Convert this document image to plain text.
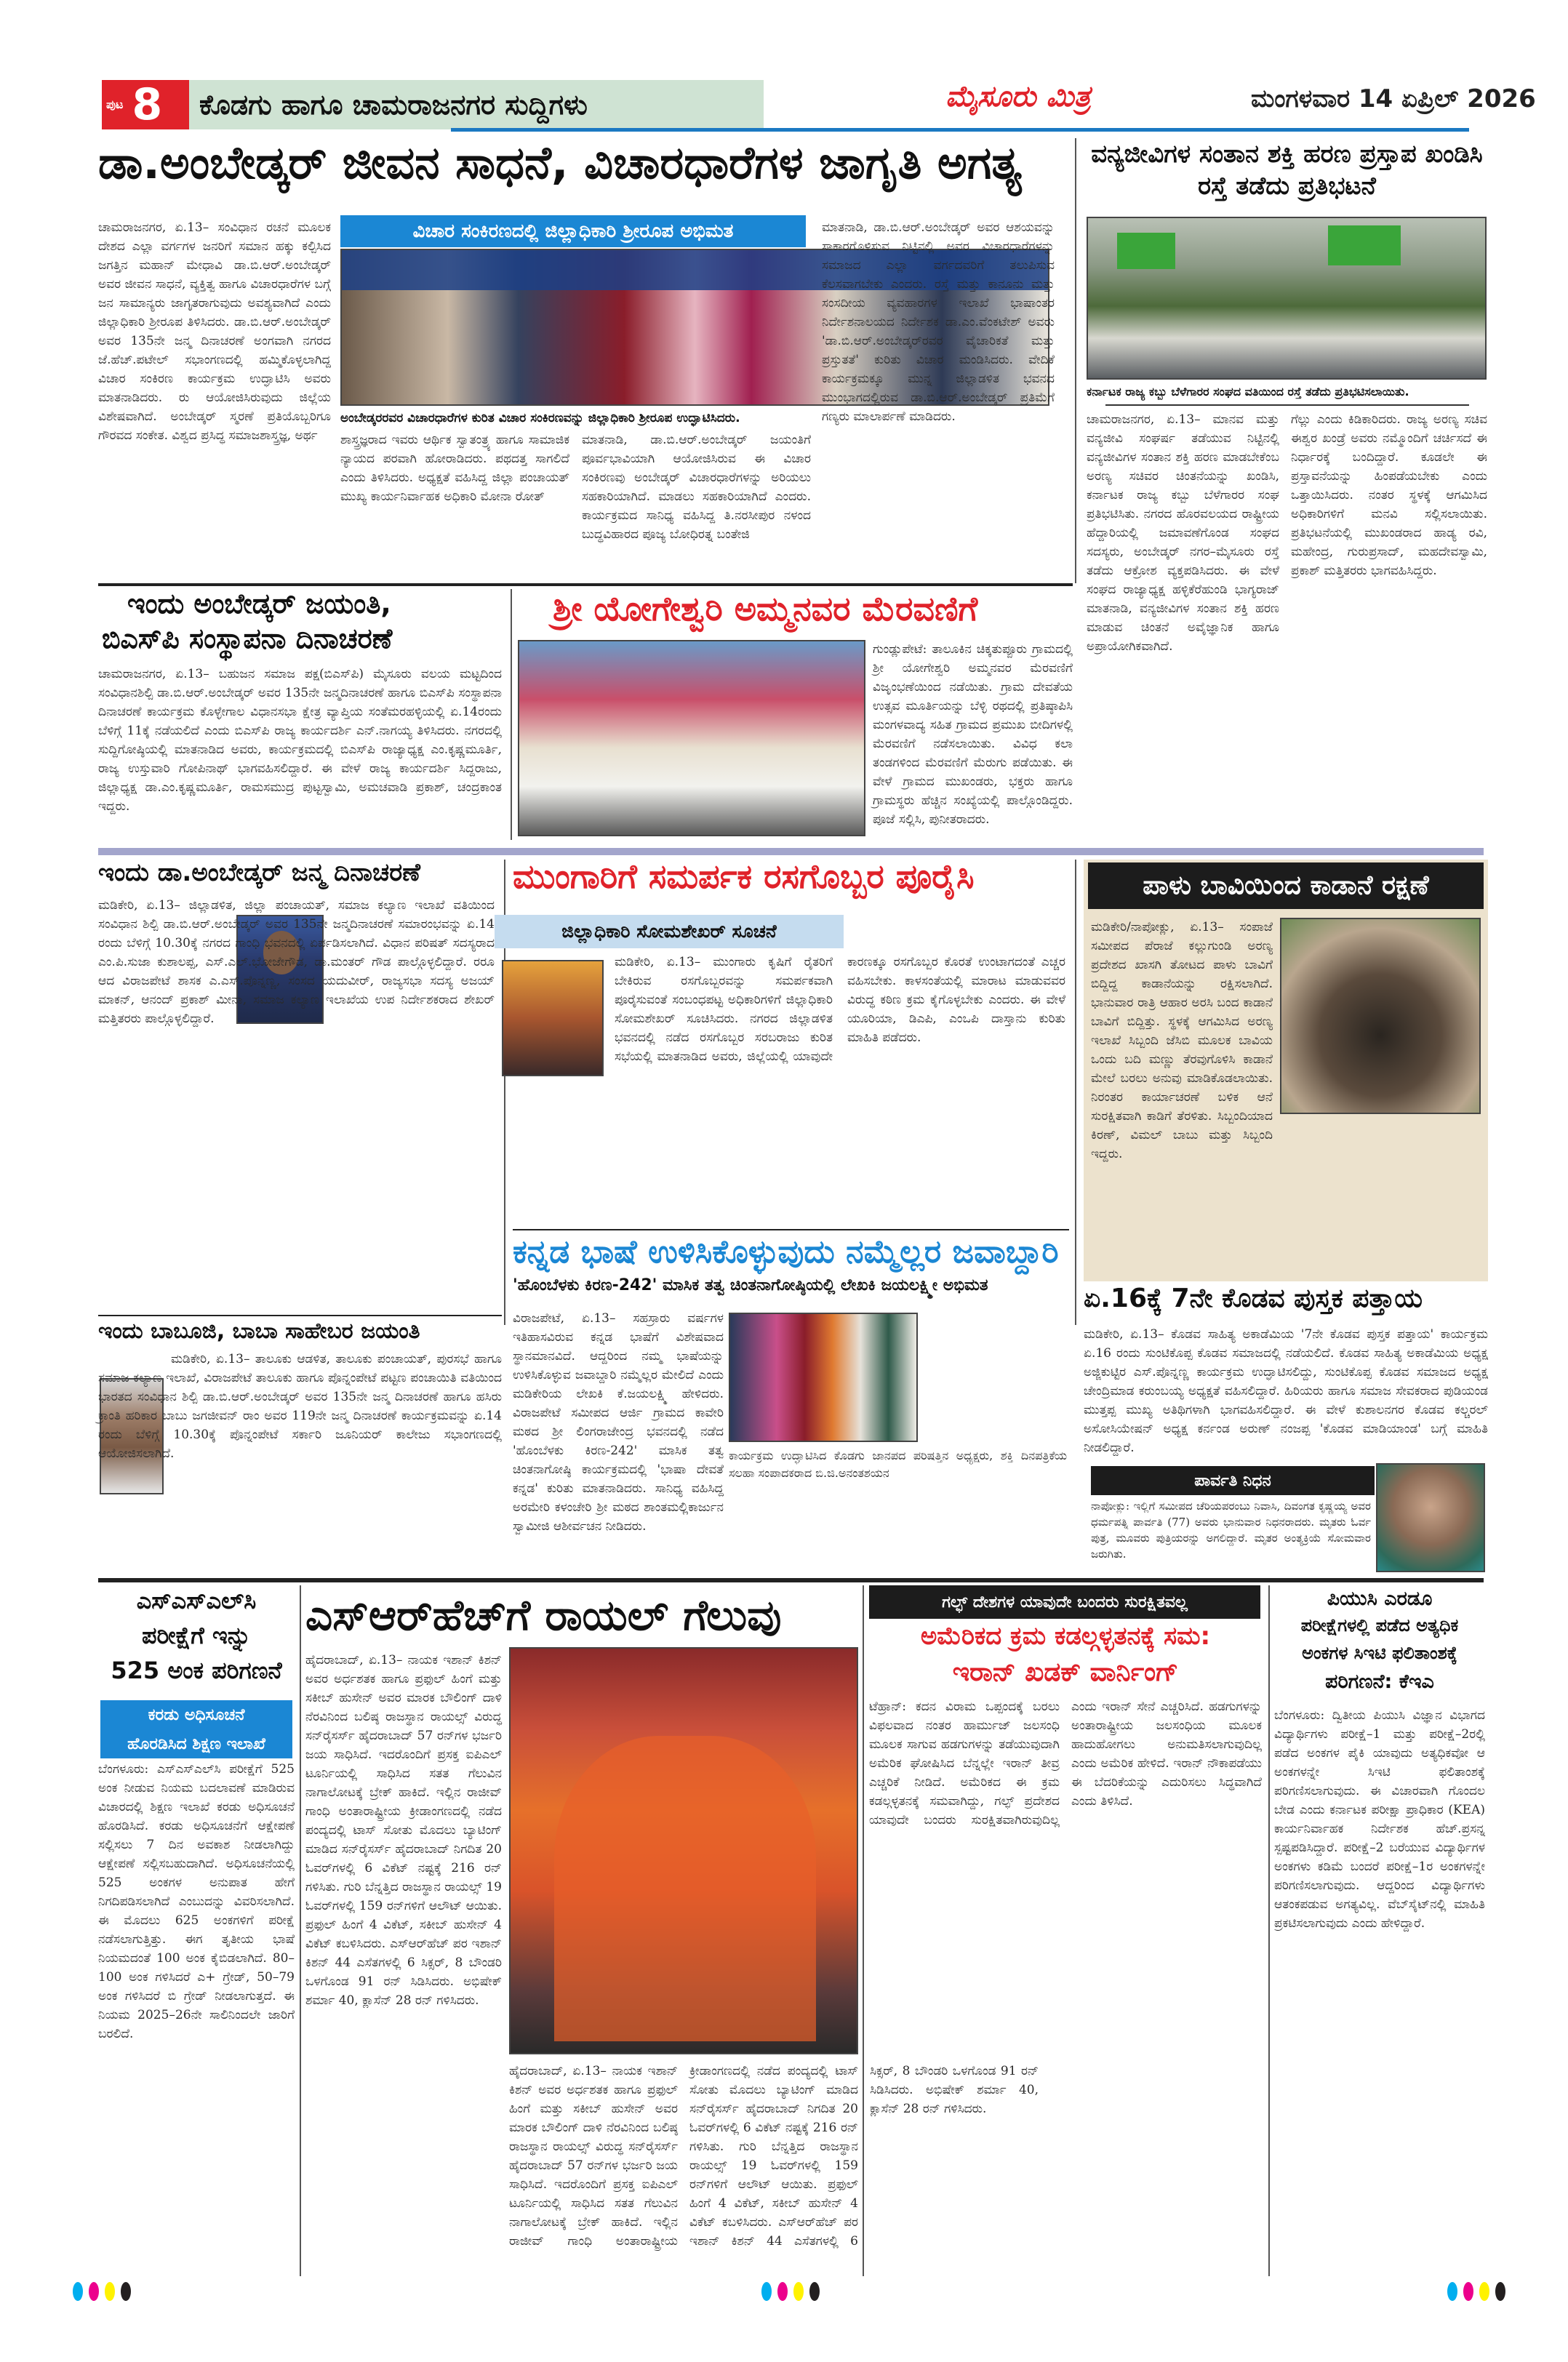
ಪುಟ 8 ಕೊಡಗು ಹಾಗೂ ಚಾಮರಾಜನಗರ ಸುದ್ದಿಗಳು	ಮೈಸೂರು ಮಿತ್ರ	ಮಂಗಳವಾರ 14 ಏಪ್ರಿಲ್ 2026
ಡಾ.ಅಂಬೇಡ್ಕರ್ ಜೀವನ ಸಾಧನೆ, ವಿಚಾರಧಾರೆಗಳ ಜಾಗೃತಿ ಅಗತ್ಯ
ಚಾಮರಾಜನಗರ, ಏ.13– ಸಂವಿಧಾನ ರಚನೆ ಮೂಲಕ ದೇಶದ ಎಲ್ಲಾ ವರ್ಗಗಳ ಜನರಿಗೆ ಸಮಾನ ಹಕ್ಕು ಕಲ್ಪಿಸಿದ ಜಗತ್ತಿನ ಮಹಾನ್ ಮೇಧಾವಿ ಡಾ.ಬಿ.ಆರ್.ಅಂಬೇಡ್ಕರ್ ಅವರ ಜೀವನ ಸಾಧನೆ, ವ್ಯಕ್ತಿತ್ವ ಹಾಗೂ ವಿಚಾರಧಾರೆಗಳ ಬಗ್ಗೆ ಜನ ಸಾಮಾನ್ಯರು ಜಾಗೃತರಾಗುವುದು ಅವಶ್ಯವಾಗಿದೆ ಎಂದು ಜಿಲ್ಲಾಧಿಕಾರಿ ಶ್ರೀರೂಪ ತಿಳಿಸಿದರು. ಡಾ.ಬಿ.ಆರ್.ಅಂಬೇಡ್ಕರ್ ಅವರ 135ನೇ ಜನ್ಮ ದಿನಾಚರಣೆ ಅಂಗವಾಗಿ ನಗರದ ಜೆ.ಹೆಚ್.ಪಟೇಲ್ ಸಭಾಂಗಣದಲ್ಲಿ ಹಮ್ಮಿಕೊಳ್ಳಲಾಗಿದ್ದ ವಿಚಾರ ಸಂಕಿರಣ ಕಾರ್ಯಕ್ರಮ ಉದ್ಘಾಟಿಸಿ ಅವರು ಮಾತನಾಡಿದರು. ರು ಆಯೋಜಿಸಿರುವುದು ಜಿಲ್ಲೆಯ ವಿಶೇಷವಾಗಿದೆ. ಅಂಬೇಡ್ಕರ್ ಸ್ಮರಣೆ ಪ್ರತಿಯೊಬ್ಬರಿಗೂ ಗೌರವದ ಸಂಕೇತ. ವಿಶ್ವದ ಪ್ರಸಿದ್ಧ ಸಮಾಜಶಾಸ್ತ್ರಜ್ಞ, ಅರ್ಥ
ವಿಚಾರ ಸಂಕಿರಣದಲ್ಲಿ ಜಿಲ್ಲಾಧಿಕಾರಿ ಶ್ರೀರೂಪ ಅಭಿಮತ
ಅಂಬೇಡ್ಕರರವರ ವಿಚಾರಧಾರೆಗಳ ಕುರಿತ ವಿಚಾರ ಸಂಕಿರಣವನ್ನು ಜಿಲ್ಲಾಧಿಕಾರಿ ಶ್ರೀರೂಪ ಉದ್ಘಾಟಿಸಿದರು.
ಶಾಸ್ತ್ರಜ್ಞರಾದ ಇವರು ಆರ್ಥಿಕ ಸ್ವಾತಂತ್ರ್ಯ ಹಾಗೂ ಸಾಮಾಜಿಕ ನ್ಯಾಯದ ಪರವಾಗಿ ಹೋರಾಡಿದರು. ಪಥದತ್ತ ಸಾಗಲಿದೆ ಎಂದು ತಿಳಿಸಿದರು. ಅಧ್ಯಕ್ಷತೆ ವಹಿಸಿದ್ದ ಜಿಲ್ಲಾ ಪಂಚಾಯತ್ ಮುಖ್ಯ ಕಾರ್ಯನಿರ್ವಾಹಕ ಅಧಿಕಾರಿ ಮೋನಾ ರೋತ್
ಮಾತನಾಡಿ, ಡಾ.ಬಿ.ಆರ್.ಅಂಬೇಡ್ಕರ್ ಜಯಂತಿಗೆ ಪೂರ್ವಭಾವಿಯಾಗಿ ಆಯೋಜಿಸಿರುವ ಈ ವಿಚಾರ ಸಂಕಿರಣವು ಅಂಬೇಡ್ಕರ್ ವಿಚಾರಧಾರೆಗಳನ್ನು ಅರಿಯಲು ಸಹಕಾರಿಯಾಗಿದೆ. ಮಾಡಲು ಸಹಕಾರಿಯಾಗಿದೆ ಎಂದರು. ಕಾರ್ಯಕ್ರಮದ ಸಾನಿಧ್ಯ ವಹಿಸಿದ್ದ ತಿ.ನರಸೀಪುರ ನಳಂದ ಬುದ್ಧವಿಹಾರದ ಪೂಜ್ಯ ಬೋಧಿರತ್ನ ಬಂತೇಜಿ
ಮಾತನಾಡಿ, ಡಾ.ಬಿ.ಆರ್.ಅಂಬೇಡ್ಕರ್ ಅವರ ಆಶಯವನ್ನು ಸಾಕಾರಗೊಳಿಸುವ ನಿಟ್ಟಿನಲ್ಲಿ ಅವರ ವಿಚಾರಧಾರೆಗಳನ್ನು ಸಮಾಜದ ಎಲ್ಲಾ ವರ್ಗದವರಿಗೆ ತಲುಪಿಸುವ ಕೆಲಸವಾಗಬೇಕು ಎಂದರು. ರಸ್ತೆ ಮತ್ತು ಕಾನೂನು ಮತ್ತು ಸಂಸದೀಯ ವ್ಯವಹಾರಗಳ ಇಲಾಖೆ ಭಾಷಾಂತರ ನಿರ್ದೇಶನಾಲಯದ ನಿರ್ದೇಶಕ ಡಾ.ಎಂ.ವೆಂಕಟೇಶ್ ಅವರು 'ಡಾ.ಬಿ.ಆರ್.ಅಂಬೇಡ್ಕರ್‌ರವರ ವೈಚಾರಿಕತೆ ಮತ್ತು ಪ್ರಸ್ತುತತೆ' ಕುರಿತು ವಿಚಾರ ಮಂಡಿಸಿದರು. ವೇದಿಕೆ ಕಾರ್ಯಕ್ರಮಕ್ಕೂ ಮುನ್ನ ಜಿಲ್ಲಾಡಳಿತ ಭವನದ ಮುಂಭಾಗದಲ್ಲಿರುವ ಡಾ.ಬಿ.ಆರ್.ಅಂಬೇಡ್ಕರ್ ಪ್ರತಿಮೆಗೆ ಗಣ್ಯರು ಮಾಲಾರ್ಪಣೆ ಮಾಡಿದರು.
ವನ್ಯಜೀವಿಗಳ ಸಂತಾನ ಶಕ್ತಿ ಹರಣ ಪ್ರಸ್ತಾಪ ಖಂಡಿಸಿ ರಸ್ತೆ ತಡೆದು ಪ್ರತಿಭಟನೆ
ಕರ್ನಾಟಕ ರಾಜ್ಯ ಕಬ್ಬು ಬೆಳೆಗಾರರ ಸಂಘದ ವತಿಯಿಂದ ರಸ್ತೆ ತಡೆದು ಪ್ರತಿಭಟಿಸಲಾಯಿತು.
ಚಾಮರಾಜನಗರ, ಏ.13– ಮಾನವ ಮತ್ತು ವನ್ಯಜೀವಿ ಸಂಘರ್ಷ ತಡೆಯುವ ನಿಟ್ಟಿನಲ್ಲಿ ವನ್ಯಜೀವಿಗಳ ಸಂತಾನ ಶಕ್ತಿ ಹರಣ ಮಾಡಬೇಕೆಂಬ ಅರಣ್ಯ ಸಚಿವರ ಚಿಂತನೆಯನ್ನು ಖಂಡಿಸಿ, ಕರ್ನಾಟಕ ರಾಜ್ಯ ಕಬ್ಬು ಬೆಳೆಗಾರರ ಸಂಘ ಪ್ರತಿಭಟಿಸಿತು. ನಗರದ ಹೊರವಲಯದ ರಾಷ್ಟ್ರೀಯ ಹೆದ್ದಾರಿಯಲ್ಲಿ ಜಮಾವಣೆಗೊಂಡ ಸಂಘದ ಸದಸ್ಯರು, ಅಂಬೇಡ್ಕರ್ ನಗರ–ಮೈಸೂರು ರಸ್ತೆ ತಡೆದು ಆಕ್ರೋಶ ವ್ಯಕ್ತಪಡಿಸಿದರು. ಈ ವೇಳೆ ಸಂಘದ ರಾಜ್ಯಾಧ್ಯಕ್ಷ ಹಳ್ಳಿಕೆರೆಹುಂಡಿ ಭಾಗ್ಯರಾಜ್ ಮಾತನಾಡಿ, ವನ್ಯಜೀವಿಗಳ ಸಂತಾನ ಶಕ್ತಿ ಹರಣ ಮಾಡುವ ಚಿಂತನೆ ಅವೈಜ್ಞಾನಿಕ ಹಾಗೂ ಅಪ್ರಾಯೋಗಿಕವಾಗಿದೆ.
ಗೆಲ್ಲು ಎಂದು ಕಿಡಿಕಾರಿದರು. ರಾಜ್ಯ ಅರಣ್ಯ ಸಚಿವ ಈಶ್ವರ ಖಂಡ್ರೆ ಅವರು ನಮ್ಮೊಂದಿಗೆ ಚರ್ಚಿಸದೆ ಈ ನಿರ್ಧಾರಕ್ಕೆ ಬಂದಿದ್ದಾರೆ. ಕೂಡಲೇ ಈ ಪ್ರಸ್ತಾವನೆಯನ್ನು ಹಿಂಪಡೆಯಬೇಕು ಎಂದು ಒತ್ತಾಯಿಸಿದರು. ನಂತರ ಸ್ಥಳಕ್ಕೆ ಆಗಮಿಸಿದ ಅಧಿಕಾರಿಗಳಿಗೆ ಮನವಿ ಸಲ್ಲಿಸಲಾಯಿತು. ಪ್ರತಿಭಟನೆಯಲ್ಲಿ ಮುಖಂಡರಾದ ಹಾಡ್ಯ ರವಿ, ಮಹೇಂದ್ರ, ಗುರುಪ್ರಸಾದ್, ಮಹದೇವಸ್ವಾಮಿ, ಪ್ರಕಾಶ್ ಮತ್ತಿತರರು ಭಾಗವಹಿಸಿದ್ದರು.
ಇಂದು ಅಂಬೇಡ್ಕರ್ ಜಯಂತಿ,
ಬಿಎಸ್‌ಪಿ ಸಂಸ್ಥಾಪನಾ ದಿನಾಚರಣೆ
ಚಾಮರಾಜನಗರ, ಏ.13– ಬಹುಜನ ಸಮಾಜ ಪಕ್ಷ(ಬಿಎಸ್‌ಪಿ) ಮೈಸೂರು ವಲಯ ಮಟ್ಟದಿಂದ ಸಂವಿಧಾನಶಿಲ್ಪಿ ಡಾ.ಬಿ.ಆರ್.ಅಂಬೇಡ್ಕರ್ ಅವರ 135ನೇ ಜನ್ಮದಿನಾಚರಣೆ ಹಾಗೂ ಬಿಎಸ್‌ಪಿ ಸಂಸ್ಥಾಪನಾ ದಿನಾಚರಣೆ ಕಾರ್ಯಕ್ರಮ ಕೊಳ್ಳೇಗಾಲ ವಿಧಾನಸಭಾ ಕ್ಷೇತ್ರ ವ್ಯಾಪ್ತಿಯ ಸಂತೆಮರಹಳ್ಳಿಯಲ್ಲಿ ಏ.14ರಂದು ಬೆಳಿಗ್ಗೆ 11ಕ್ಕೆ ನಡೆಯಲಿದೆ ಎಂದು ಬಿಎಸ್‌ಪಿ ರಾಜ್ಯ ಕಾರ್ಯದರ್ಶಿ ಎನ್.ನಾಗಯ್ಯ ತಿಳಿಸಿದರು. ನಗರದಲ್ಲಿ ಸುದ್ದಿಗೋಷ್ಠಿಯಲ್ಲಿ ಮಾತನಾಡಿದ ಅವರು, ಕಾರ್ಯಕ್ರಮದಲ್ಲಿ ಬಿಎಸ್‌ಪಿ ರಾಜ್ಯಾಧ್ಯಕ್ಷ ಎಂ.ಕೃಷ್ಣಮೂರ್ತಿ, ರಾಜ್ಯ ಉಸ್ತುವಾರಿ ಗೋಪಿನಾಥ್ ಭಾಗವಹಿಸಲಿದ್ದಾರೆ. ಈ ವೇಳೆ ರಾಜ್ಯ ಕಾರ್ಯದರ್ಶಿ ಸಿದ್ದರಾಜು, ಜಿಲ್ಲಾಧ್ಯಕ್ಷ ಡಾ.ಎಂ.ಕೃಷ್ಣಮೂರ್ತಿ, ರಾಮಸಮುದ್ರ ಪುಟ್ಟಸ್ವಾಮಿ, ಅಮಚವಾಡಿ ಪ್ರಕಾಶ್, ಚಂದ್ರಕಾಂತ ಇದ್ದರು.
ಶ್ರೀ ಯೋಗೇಶ್ವರಿ ಅಮ್ಮನವರ ಮೆರವಣಿಗೆ
ಗುಂಡ್ಲುಪೇಟೆ: ತಾಲೂಕಿನ ಚಿಕ್ಕತುಪ್ಪೂರು ಗ್ರಾಮದಲ್ಲಿ ಶ್ರೀ ಯೋಗೇಶ್ವರಿ ಅಮ್ಮನವರ ಮೆರವಣಿಗೆ ವಿಜೃಂಭಣೆಯಿಂದ ನಡೆಯಿತು. ಗ್ರಾಮ ದೇವತೆಯ ಉತ್ಸವ ಮೂರ್ತಿಯನ್ನು ಬೆಳ್ಳಿ ರಥದಲ್ಲಿ ಪ್ರತಿಷ್ಠಾಪಿಸಿ ಮಂಗಳವಾದ್ಯ ಸಹಿತ ಗ್ರಾಮದ ಪ್ರಮುಖ ಬೀದಿಗಳಲ್ಲಿ ಮೆರವಣಿಗೆ ನಡೆಸಲಾಯಿತು. ವಿವಿಧ ಕಲಾ ತಂಡಗಳಿಂದ ಮೆರವಣಿಗೆ ಮೆರುಗು ಪಡೆಯಿತು. ಈ ವೇಳೆ ಗ್ರಾಮದ ಮುಖಂಡರು, ಭಕ್ತರು ಹಾಗೂ ಗ್ರಾಮಸ್ಥರು ಹೆಚ್ಚಿನ ಸಂಖ್ಯೆಯಲ್ಲಿ ಪಾಲ್ಗೊಂಡಿದ್ದರು. ಪೂಜೆ ಸಲ್ಲಿಸಿ, ಪುನೀತರಾದರು.
ಇಂದು ಡಾ.ಅಂಬೇಡ್ಕರ್ ಜನ್ಮ ದಿನಾಚರಣೆ
ಮಡಿಕೇರಿ, ಏ.13– ಜಿಲ್ಲಾಡಳಿತ, ಜಿಲ್ಲಾ ಪಂಚಾಯತ್, ಸಮಾಜ ಕಲ್ಯಾಣ ಇಲಾಖೆ ವತಿಯಿಂದ ಸಂವಿಧಾನ ಶಿಲ್ಪಿ ಡಾ.ಬಿ.ಆರ್.ಅಂಬೇಡ್ಕರ್ ಅವರ 135ನೇ ಜನ್ಮದಿನಾಚರಣೆ ಸಮಾರಂಭವನ್ನು ಏ.14 ರಂದು ಬೆಳಿಗ್ಗೆ 10.30ಕ್ಕೆ ನಗರದ ಗಾಂಧಿ ಭವನದಲ್ಲಿ ಏರ್ಪಡಿಸಲಾಗಿದೆ. ವಿಧಾನ ಪರಿಷತ್ ಸದಸ್ಯರಾದ ಎಂ.ಪಿ.ಸುಜಾ ಕುಶಾಲಪ್ಪ, ಎಸ್.ಎಲ್.ಭೋಜೇಗೌಡ, ಡಾ.ಮಂತರ್ ಗೌಡ ಪಾಲ್ಗೊಳ್ಳಲಿದ್ದಾರೆ. ರರೂ ಆದ ವಿರಾಜಪೇಟೆ ಶಾಸಕ ಎ.ಎಸ್.ಪೊನ್ನಣ್ಣ, ಸಂಸದ ಯದುವೀರ್, ರಾಜ್ಯಸಭಾ ಸದಸ್ಯ ಅಜಯ್ ಮಾಕನ್, ಆನಂದ್ ಪ್ರಕಾಶ್ ಮೀನಾ, ಸಮಾಜ ಕಲ್ಯಾಣ ಇಲಾಖೆಯ ಉಪ ನಿರ್ದೇಶಕರಾದ ಶೇಖರ್ ಮತ್ತಿತರರು ಪಾಲ್ಗೊಳ್ಳಲಿದ್ದಾರೆ.
ಮುಂಗಾರಿಗೆ ಸಮರ್ಪಕ ರಸಗೊಬ್ಬರ ಪೂರೈಸಿ
ಜಿಲ್ಲಾಧಿಕಾರಿ ಸೋಮಶೇಖರ್ ಸೂಚನೆ
ಮಡಿಕೇರಿ, ಏ.13– ಮುಂಗಾರು ಕೃಷಿಗೆ ರೈತರಿಗೆ ಬೇಕಿರುವ ರಸಗೊಬ್ಬರವನ್ನು ಸಮರ್ಪಕವಾಗಿ ಪೂರೈಸುವಂತೆ ಸಂಬಂಧಪಟ್ಟ ಅಧಿಕಾರಿಗಳಿಗೆ ಜಿಲ್ಲಾಧಿಕಾರಿ ಸೋಮಶೇಖರ್ ಸೂಚಿಸಿದರು. ನಗರದ ಜಿಲ್ಲಾಡಳಿತ ಭವನದಲ್ಲಿ ನಡೆದ ರಸಗೊಬ್ಬರ ಸರಬರಾಜು ಕುರಿತ ಸಭೆಯಲ್ಲಿ ಮಾತನಾಡಿದ ಅವರು, ಜಿಲ್ಲೆಯಲ್ಲಿ ಯಾವುದೇ ಕಾರಣಕ್ಕೂ ರಸಗೊಬ್ಬರ ಕೊರತೆ ಉಂಟಾಗದಂತೆ ಎಚ್ಚರ ವಹಿಸಬೇಕು. ಕಾಳಸಂತೆಯಲ್ಲಿ ಮಾರಾಟ ಮಾಡುವವರ ವಿರುದ್ಧ ಕಠಿಣ ಕ್ರಮ ಕೈಗೊಳ್ಳಬೇಕು ಎಂದರು. ಈ ವೇಳೆ ಯೂರಿಯಾ, ಡಿಎಪಿ, ಎಂಒಪಿ ದಾಸ್ತಾನು ಕುರಿತು ಮಾಹಿತಿ ಪಡೆದರು.
ಪಾಳು ಬಾವಿಯಿಂದ ಕಾಡಾನೆ ರಕ್ಷಣೆ
ಮಡಿಕೇರಿ/ನಾಪೋಕ್ಲು, ಏ.13– ಸಂಪಾಜೆ ಸಮೀಪದ ಪೆರಾಜೆ ಕಲ್ಲುಗುಂಡಿ ಅರಣ್ಯ ಪ್ರದೇಶದ ಖಾಸಗಿ ತೋಟದ ಪಾಳು ಬಾವಿಗೆ ಬಿದ್ದಿದ್ದ ಕಾಡಾನೆಯನ್ನು ರಕ್ಷಿಸಲಾಗಿದೆ. ಭಾನುವಾರ ರಾತ್ರಿ ಆಹಾರ ಅರಸಿ ಬಂದ ಕಾಡಾನೆ ಬಾವಿಗೆ ಬಿದ್ದಿತ್ತು. ಸ್ಥಳಕ್ಕೆ ಆಗಮಿಸಿದ ಅರಣ್ಯ ಇಲಾಖೆ ಸಿಬ್ಬಂದಿ ಜೆಸಿಬಿ ಮೂಲಕ ಬಾವಿಯ ಒಂದು ಬದಿ ಮಣ್ಣು ತೆರವುಗೊಳಿಸಿ ಕಾಡಾನೆ ಮೇಲೆ ಬರಲು ಅನುವು ಮಾಡಿಕೊಡಲಾಯಿತು. ನಿರಂತರ ಕಾರ್ಯಾಚರಣೆ ಬಳಿಕ ಆನೆ ಸುರಕ್ಷಿತವಾಗಿ ಕಾಡಿಗೆ ತೆರಳಿತು. ಸಿಬ್ಬಂದಿಯಾದ ಕಿರಣ್, ವಿಮಲ್ ಬಾಬು ಮತ್ತು ಸಿಬ್ಬಂದಿ ಇದ್ದರು.
ಕನ್ನಡ ಭಾಷೆ ಉಳಿಸಿಕೊಳ್ಳುವುದು ನಮ್ಮೆಲ್ಲರ ಜವಾಬ್ದಾರಿ
'ಹೊಂಬೆಳಕು ಕಿರಣ-242' ಮಾಸಿಕ ತತ್ವ ಚಿಂತನಾಗೋಷ್ಠಿಯಲ್ಲಿ ಲೇಖಕಿ ಜಯಲಕ್ಷ್ಮೀ ಅಭಿಮತ
ವಿರಾಜಪೇಟೆ, ಏ.13– ಸಹಸ್ರಾರು ವರ್ಷಗಳ ಇತಿಹಾಸವಿರುವ ಕನ್ನಡ ಭಾಷೆಗೆ ವಿಶೇಷವಾದ ಸ್ಥಾನಮಾನವಿದೆ. ಆದ್ದರಿಂದ ನಮ್ಮ ಭಾಷೆಯನ್ನು ಉಳಿಸಿಕೊಳ್ಳುವ ಜವಾಬ್ದಾರಿ ನಮ್ಮೆಲ್ಲರ ಮೇಲಿದೆ ಎಂದು ಮಡಿಕೇರಿಯ ಲೇಖಕಿ ಕೆ.ಜಯಲಕ್ಷ್ಮಿ ಹೇಳಿದರು. ವಿರಾಜಪೇಟೆ ಸಮೀಪದ ಆರ್ಜಿ ಗ್ರಾಮದ ಕಾವೇರಿ ಮಠದ ಶ್ರೀ ಲಿಂಗರಾಜೇಂದ್ರ ಭವನದಲ್ಲಿ ನಡೆದ 'ಹೊಂಬೆಳಕು ಕಿರಣ-242' ಮಾಸಿಕ ತತ್ವ ಚಿಂತನಾಗೋಷ್ಠಿ ಕಾರ್ಯಕ್ರಮದಲ್ಲಿ 'ಭಾಷಾ ದೇವತೆ ಕನ್ನಡ' ಕುರಿತು ಮಾತನಾಡಿದರು. ಸಾನಿಧ್ಯ ವಹಿಸಿದ್ದ ಅರಮೇರಿ ಕಳಂಚೇರಿ ಶ್ರೀ ಮಠದ ಶಾಂತಮಲ್ಲಿಕಾರ್ಜುನ ಸ್ವಾಮೀಜಿ ಆಶೀರ್ವಚನ ನೀಡಿದರು.
ಕಾರ್ಯಕ್ರಮ ಉದ್ಘಾಟಿಸಿದ ಕೊಡಗು ಜಾನಪದ ಪರಿಷತ್ತಿನ ಅಧ್ಯಕ್ಷರು, ಶಕ್ತಿ ದಿನಪತ್ರಿಕೆಯ ಸಲಹಾ ಸಂಪಾದಕರಾದ ಬಿ.ಜಿ.ಅನಂತಶಯನ
ಏ.16ಕ್ಕೆ 7ನೇ ಕೊಡವ ಪುಸ್ತಕ ಪತ್ತಾಯ
ಮಡಿಕೇರಿ, ಏ.13– ಕೊಡವ ಸಾಹಿತ್ಯ ಅಕಾಡೆಮಿಯ '7ನೇ ಕೊಡವ ಪುಸ್ತಕ ಪತ್ತಾಯ' ಕಾರ್ಯಕ್ರಮ ಏ.16 ರಂದು ಸುಂಟಿಕೊಪ್ಪ ಕೊಡವ ಸಮಾಜದಲ್ಲಿ ನಡೆಯಲಿದೆ. ಕೊಡವ ಸಾಹಿತ್ಯ ಅಕಾಡೆಮಿಯ ಅಧ್ಯಕ್ಷ ಅಜ್ಜಿಕುಟ್ಟಿರ ಎಸ್.ಪೊನ್ನಣ್ಣ ಕಾರ್ಯಕ್ರಮ ಉದ್ಘಾಟಿಸಲಿದ್ದು, ಸುಂಟಿಕೊಪ್ಪ ಕೊಡವ ಸಮಾಜದ ಅಧ್ಯಕ್ಷ ಚೇಂದ್ರಿಮಾಡ ಕರುಂಬಯ್ಯ ಅಧ್ಯಕ್ಷತೆ ವಹಿಸಲಿದ್ದಾರೆ. ಹಿರಿಯರು ಹಾಗೂ ಸಮಾಜ ಸೇವಕರಾದ ಪುಡಿಯಂಡ ಮುತ್ತಪ್ಪ ಮುಖ್ಯ ಅತಿಥಿಗಳಾಗಿ ಭಾಗವಹಿಸಲಿದ್ದಾರೆ. ಈ ವೇಳೆ ಕುಶಾಲನಗರ ಕೊಡವ ಕಲ್ಚರಲ್ ಅಸೋಸಿಯೇಷನ್ ಅಧ್ಯಕ್ಷ ಕರ್ನಂಡ ಅರುಣ್ ನಂಜಪ್ಪ 'ಕೊಡವ ಮಾಡಿಯಾಂಡ' ಬಗ್ಗೆ ಮಾಹಿತಿ ನೀಡಲಿದ್ದಾರೆ.
ಪಾರ್ವತಿ ನಿಧನ
ನಾಪೋಕ್ಲು: ಇಲ್ಲಿಗೆ ಸಮೀಪದ ಚೆರಿಯಪರಂಬು ನಿವಾಸಿ, ದಿವಂಗತ ಕೃಷ್ಣಯ್ಯ ಅವರ ಧರ್ಮಪತ್ನಿ ಪಾರ್ವತಿ (77) ಅವರು ಭಾನುವಾರ ನಿಧನರಾದರು. ಮೃತರು ಓರ್ವ ಪುತ್ರ, ಮೂವರು ಪುತ್ರಿಯರನ್ನು ಅಗಲಿದ್ದಾರೆ. ಮೃತರ ಅಂತ್ಯಕ್ರಿಯೆ ಸೋಮವಾರ ಜರುಗಿತು.
ಇಂದು ಬಾಬೂಜಿ, ಬಾಬಾ ಸಾಹೇಬರ ಜಯಂತಿ
ಮಡಿಕೇರಿ, ಏ.13– ತಾಲೂಕು ಆಡಳಿತ, ತಾಲೂಕು ಪಂಚಾಯತ್, ಪುರಸಭೆ ಹಾಗೂ ಸಮಾಜ ಕಲ್ಯಾಣ ಇಲಾಖೆ, ವಿರಾಜಪೇಟೆ ತಾಲೂಕು ಹಾಗೂ ಪೊನ್ನಂಪೇಟೆ ಪಟ್ಟಣ ಪಂಚಾಯಿತಿ ವತಿಯಿಂದ ಭಾರತದ ಸಂವಿಧಾನ ಶಿಲ್ಪಿ ಡಾ.ಬಿ.ಆರ್.ಅಂಬೇಡ್ಕರ್ ಅವರ 135ನೇ ಜನ್ಮ ದಿನಾಚರಣೆ ಹಾಗೂ ಹಸಿರು ಕ್ರಾಂತಿ ಹರಿಕಾರ ಬಾಬು ಜಗಜೀವನ್ ರಾಂ ಅವರ 119ನೇ ಜನ್ಮ ದಿನಾಚರಣೆ ಕಾರ್ಯಕ್ರಮವನ್ನು ಏ.14 ರಂದು ಬೆಳಿಗ್ಗೆ 10.30ಕ್ಕೆ ಪೊನ್ನಂಪೇಟೆ ಸರ್ಕಾರಿ ಜೂನಿಯರ್ ಕಾಲೇಜು ಸಭಾಂಗಣದಲ್ಲಿ ಆಯೋಜಿಸಲಾಗಿದೆ.
ಎಸ್‌ಎಸ್‌ಎಲ್‌ಸಿ
ಪರೀಕ್ಷೆಗೆ ಇನ್ನು
525 ಅಂಕ ಪರಿಗಣನೆ
ಕರಡು ಅಧಿಸೂಚನೆ
ಹೊರಡಿಸಿದ ಶಿಕ್ಷಣ ಇಲಾಖೆ
ಬೆಂಗಳೂರು: ಎಸ್‌ಎಸ್‌ಎಲ್‌ಸಿ ಪರೀಕ್ಷೆಗೆ 525 ಅಂಕ ನೀಡುವ ನಿಯಮ ಬದಲಾವಣೆ ಮಾಡಿರುವ ವಿಚಾರದಲ್ಲಿ ಶಿಕ್ಷಣ ಇಲಾಖೆ ಕರಡು ಅಧಿಸೂಚನೆ ಹೊರಡಿಸಿದೆ. ಕರಡು ಅಧಿಸೂಚನೆಗೆ ಆಕ್ಷೇಪಣೆ ಸಲ್ಲಿಸಲು 7 ದಿನ ಅವಕಾಶ ನೀಡಲಾಗಿದ್ದು ಆಕ್ಷೇಪಣೆ ಸಲ್ಲಿಸಬಹುದಾಗಿದೆ. ಅಧಿಸೂಚನೆಯಲ್ಲಿ 525 ಅಂಕಗಳ ಅನುಪಾತ ಹೇಗೆ ನಿಗದಿಪಡಿಸಲಾಗಿದೆ ಎಂಬುದನ್ನು ವಿವರಿಸಲಾಗಿದೆ. ಈ ಮೊದಲು 625 ಅಂಕಗಳಿಗೆ ಪರೀಕ್ಷೆ ನಡೆಸಲಾಗುತ್ತಿತ್ತು. ಈಗ ತೃತೀಯ ಭಾಷೆ ನಿಯಮದಂತೆ 100 ಅಂಕ ಕೈಬಿಡಲಾಗಿದೆ. 80–100 ಅಂಕ ಗಳಿಸಿದರೆ ಎ+ ಗ್ರೇಡ್, 50–79 ಅಂಕ ಗಳಿಸಿದರೆ ಬಿ ಗ್ರೇಡ್ ನೀಡಲಾಗುತ್ತದೆ. ಈ ನಿಯಮ 2025–26ನೇ ಸಾಲಿನಿಂದಲೇ ಜಾರಿಗೆ ಬರಲಿದೆ.
ಎಸ್‌ಆರ್‌ಹೆಚ್‌ಗೆ ರಾಯಲ್ ಗೆಲುವು
ಹೈದರಾಬಾದ್, ಏ.13– ನಾಯಕ ಇಶಾನ್ ಕಿಶನ್ ಅವರ ಅರ್ಧಶತಕ ಹಾಗೂ ಪ್ರಫುಲ್ ಹಿಂಗೆ ಮತ್ತು ಸಕೀಬ್ ಹುಸೇನ್ ಅವರ ಮಾರಕ ಬೌಲಿಂಗ್ ದಾಳಿ ನೆರವಿನಿಂದ ಬಲಿಷ್ಠ ರಾಜಸ್ಥಾನ ರಾಯಲ್ಸ್ ವಿರುದ್ಧ ಸನ್‌ರೈಸರ್ಸ್ ಹೈದರಾಬಾದ್ 57 ರನ್‌ಗಳ ಭರ್ಜರಿ ಜಯ ಸಾಧಿಸಿದೆ. ಇದರೊಂದಿಗೆ ಪ್ರಸಕ್ತ ಐಪಿಎಲ್ ಟೂರ್ನಿಯಲ್ಲಿ ಸಾಧಿಸಿದ ಸತತ ಗೆಲುವಿನ ನಾಗಾಲೋಟಕ್ಕೆ ಬ್ರೇಕ್ ಹಾಕಿದೆ. ಇಲ್ಲಿನ ರಾಜೀವ್ ಗಾಂಧಿ ಅಂತಾರಾಷ್ಟ್ರೀಯ ಕ್ರೀಡಾಂಗಣದಲ್ಲಿ ನಡೆದ ಪಂದ್ಯದಲ್ಲಿ ಟಾಸ್ ಸೋತು ಮೊದಲು ಬ್ಯಾಟಿಂಗ್ ಮಾಡಿದ ಸನ್‌ರೈಸರ್ಸ್ ಹೈದರಾಬಾದ್ ನಿಗದಿತ 20 ಓವರ್‌ಗಳಲ್ಲಿ 6 ವಿಕೆಟ್ ನಷ್ಟಕ್ಕೆ 216 ರನ್ ಗಳಿಸಿತು. ಗುರಿ ಬೆನ್ನತ್ತಿದ ರಾಜಸ್ಥಾನ ರಾಯಲ್ಸ್ 19 ಓವರ್‌ಗಳಲ್ಲಿ 159 ರನ್‌ಗಳಿಗೆ ಆಲೌಟ್ ಆಯಿತು. ಪ್ರಫುಲ್ ಹಿಂಗೆ 4 ವಿಕೆಟ್, ಸಕೀಬ್ ಹುಸೇನ್ 4 ವಿಕೆಟ್ ಕಬಳಿಸಿದರು. ಎಸ್‌ಆರ್‌ಹೆಚ್ ಪರ ಇಶಾನ್ ಕಿಶನ್ 44 ಎಸೆತಗಳಲ್ಲಿ 6 ಸಿಕ್ಸರ್, 8 ಬೌಂಡರಿ ಒಳಗೊಂಡ 91 ರನ್ ಸಿಡಿಸಿದರು. ಅಭಿಷೇಕ್ ಶರ್ಮಾ 40, ಕ್ಲಾಸೆನ್ 28 ರನ್ ಗಳಿಸಿದರು.
ಹೈದರಾಬಾದ್, ಏ.13– ನಾಯಕ ಇಶಾನ್ ಕಿಶನ್ ಅವರ ಅರ್ಧಶತಕ ಹಾಗೂ ಪ್ರಫುಲ್ ಹಿಂಗೆ ಮತ್ತು ಸಕೀಬ್ ಹುಸೇನ್ ಅವರ ಮಾರಕ ಬೌಲಿಂಗ್ ದಾಳಿ ನೆರವಿನಿಂದ ಬಲಿಷ್ಠ ರಾಜಸ್ಥಾನ ರಾಯಲ್ಸ್ ವಿರುದ್ಧ ಸನ್‌ರೈಸರ್ಸ್ ಹೈದರಾಬಾದ್ 57 ರನ್‌ಗಳ ಭರ್ಜರಿ ಜಯ ಸಾಧಿಸಿದೆ. ಇದರೊಂದಿಗೆ ಪ್ರಸಕ್ತ ಐಪಿಎಲ್ ಟೂರ್ನಿಯಲ್ಲಿ ಸಾಧಿಸಿದ ಸತತ ಗೆಲುವಿನ ನಾಗಾಲೋಟಕ್ಕೆ ಬ್ರೇಕ್ ಹಾಕಿದೆ. ಇಲ್ಲಿನ ರಾಜೀವ್ ಗಾಂಧಿ ಅಂತಾರಾಷ್ಟ್ರೀಯ ಕ್ರೀಡಾಂಗಣದಲ್ಲಿ ನಡೆದ ಪಂದ್ಯದಲ್ಲಿ ಟಾಸ್ ಸೋತು ಮೊದಲು ಬ್ಯಾಟಿಂಗ್ ಮಾಡಿದ ಸನ್‌ರೈಸರ್ಸ್ ಹೈದರಾಬಾದ್ ನಿಗದಿತ 20 ಓವರ್‌ಗಳಲ್ಲಿ 6 ವಿಕೆಟ್ ನಷ್ಟಕ್ಕೆ 216 ರನ್ ಗಳಿಸಿತು. ಗುರಿ ಬೆನ್ನತ್ತಿದ ರಾಜಸ್ಥಾನ ರಾಯಲ್ಸ್ 19 ಓವರ್‌ಗಳಲ್ಲಿ 159 ರನ್‌ಗಳಿಗೆ ಆಲೌಟ್ ಆಯಿತು. ಪ್ರಫುಲ್ ಹಿಂಗೆ 4 ವಿಕೆಟ್, ಸಕೀಬ್ ಹುಸೇನ್ 4 ವಿಕೆಟ್ ಕಬಳಿಸಿದರು. ಎಸ್‌ಆರ್‌ಹೆಚ್ ಪರ ಇಶಾನ್ ಕಿಶನ್ 44 ಎಸೆತಗಳಲ್ಲಿ 6 ಸಿಕ್ಸರ್, 8 ಬೌಂಡರಿ ಒಳಗೊಂಡ 91 ರನ್ ಸಿಡಿಸಿದರು. ಅಭಿಷೇಕ್ ಶರ್ಮಾ 40, ಕ್ಲಾಸೆನ್ 28 ರನ್ ಗಳಿಸಿದರು.
ಗಲ್ಫ್ ದೇಶಗಳ ಯಾವುದೇ ಬಂದರು ಸುರಕ್ಷಿತವಲ್ಲ
ಅಮೆರಿಕದ ಕ್ರಮ ಕಡಲ್ಗಳ್ಳತನಕ್ಕೆ ಸಮ:
ಇರಾನ್ ಖಡಕ್ ವಾರ್ನಿಂಗ್
ಟೆಹ್ರಾನ್: ಕದನ ವಿರಾಮ ಒಪ್ಪಂದಕ್ಕೆ ಬರಲು ವಿಫಲವಾದ ನಂತರ ಹಾರ್ಮುಜ್ ಜಲಸಂಧಿ ಮೂಲಕ ಸಾಗುವ ಹಡಗುಗಳನ್ನು ತಡೆಯುವುದಾಗಿ ಅಮೆರಿಕ ಘೋಷಿಸಿದ ಬೆನ್ನಲ್ಲೇ ಇರಾನ್ ತೀವ್ರ ಎಚ್ಚರಿಕೆ ನೀಡಿದೆ. ಅಮೆರಿಕದ ಈ ಕ್ರಮ ಕಡಲ್ಗಳ್ಳತನಕ್ಕೆ ಸಮವಾಗಿದ್ದು, ಗಲ್ಫ್ ಪ್ರದೇಶದ ಯಾವುದೇ ಬಂದರು ಸುರಕ್ಷಿತವಾಗಿರುವುದಿಲ್ಲ ಎಂದು ಇರಾನ್ ಸೇನೆ ಎಚ್ಚರಿಸಿದೆ. ಹಡಗುಗಳನ್ನು ಅಂತಾರಾಷ್ಟ್ರೀಯ ಜಲಸಂಧಿಯ ಮೂಲಕ ಹಾದುಹೋಗಲು ಅನುಮತಿಸಲಾಗುವುದಿಲ್ಲ ಎಂದು ಅಮೆರಿಕ ಹೇಳಿದೆ. ಇರಾನ್ ನೌಕಾಪಡೆಯು ಈ ಬೆದರಿಕೆಯನ್ನು ಎದುರಿಸಲು ಸಿದ್ಧವಾಗಿದೆ ಎಂದು ತಿಳಿಸಿದೆ.
ಪಿಯುಸಿ ಎರಡೂ
ಪರೀಕ್ಷೆಗಳಲ್ಲಿ ಪಡೆದ ಅತ್ಯಧಿಕ
ಅಂಕಗಳ ಸಿಇಟಿ ಫಲಿತಾಂಶಕ್ಕೆ
ಪರಿಗಣನೆ: ಕೆಇಎ
ಬೆಂಗಳೂರು: ದ್ವಿತೀಯ ಪಿಯುಸಿ ವಿಜ್ಞಾನ ವಿಭಾಗದ ವಿದ್ಯಾರ್ಥಿಗಳು ಪರೀಕ್ಷೆ–1 ಮತ್ತು ಪರೀಕ್ಷೆ–2ರಲ್ಲಿ ಪಡೆದ ಅಂಕಗಳ ಪೈಕಿ ಯಾವುದು ಅತ್ಯಧಿಕವೋ ಆ ಅಂಕಗಳನ್ನೇ ಸಿಇಟಿ ಫಲಿತಾಂಶಕ್ಕೆ ಪರಿಗಣಿಸಲಾಗುವುದು. ಈ ವಿಚಾರವಾಗಿ ಗೊಂದಲ ಬೇಡ ಎಂದು ಕರ್ನಾಟಕ ಪರೀಕ್ಷಾ ಪ್ರಾಧಿಕಾರ (KEA) ಕಾರ್ಯನಿರ್ವಾಹಕ ನಿರ್ದೇಶಕ ಹೆಚ್.ಪ್ರಸನ್ನ ಸ್ಪಷ್ಟಪಡಿಸಿದ್ದಾರೆ. ಪರೀಕ್ಷೆ–2 ಬರೆಯುವ ವಿದ್ಯಾರ್ಥಿಗಳ ಅಂಕಗಳು ಕಡಿಮೆ ಬಂದರೆ ಪರೀಕ್ಷೆ–1ರ ಅಂಕಗಳನ್ನೇ ಪರಿಗಣಿಸಲಾಗುವುದು. ಆದ್ದರಿಂದ ವಿದ್ಯಾರ್ಥಿಗಳು ಆತಂಕಪಡುವ ಅಗತ್ಯವಿಲ್ಲ. ವೆಬ್‌ಸೈಟ್‌ನಲ್ಲಿ ಮಾಹಿತಿ ಪ್ರಕಟಿಸಲಾಗುವುದು ಎಂದು ಹೇಳಿದ್ದಾರೆ.
